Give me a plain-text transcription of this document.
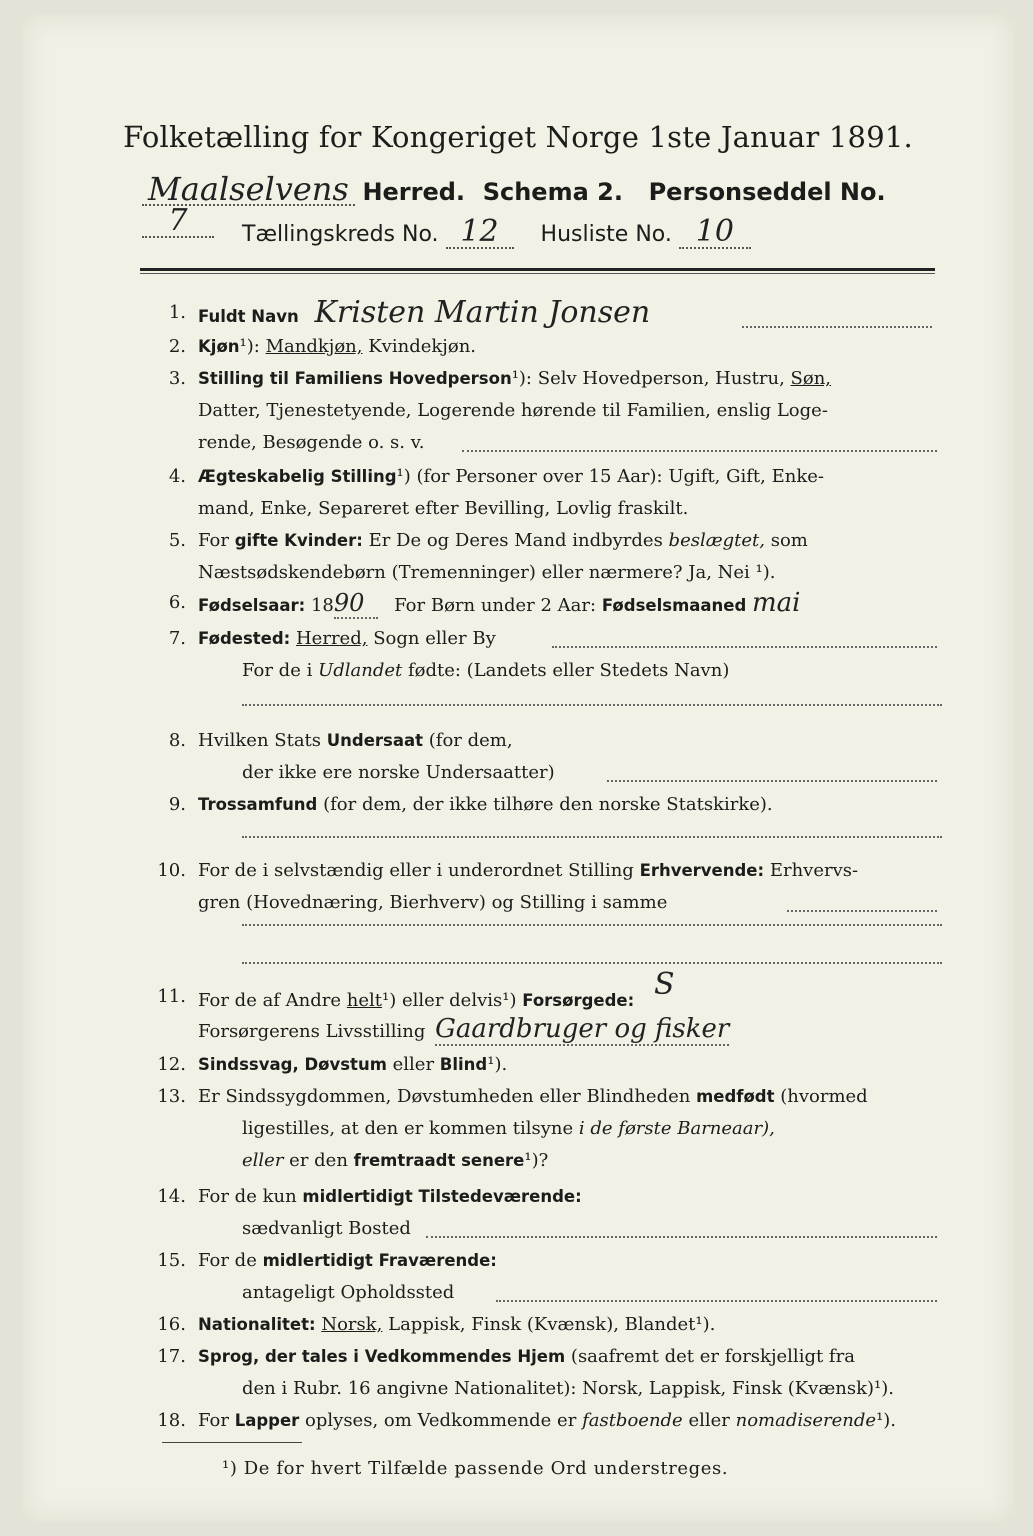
Folketælling for Kongeriget Norge 1ste Januar 1891.
Maalselvens Herred. Schema 2. Personseddel No. 7	Tællingskreds No. 12 Husliste No. 10
1. Fuldt Navn Kristen Martin Jonsen
2. Kjøn¹): Mandkjøn, Kvindekjøn.
3. Stilling til Familiens Hovedperson¹): Selv Hovedperson, Hustru, Søn,
Datter, Tjenestetyende, Logerende hørende til Familien, enslig Loge-
rende, Besøgende o. s. v.
4. Ægteskabelig Stilling¹) (for Personer over 15 Aar): Ugift, Gift, Enke-
mand, Enke, Separeret efter Bevilling, Lovlig fraskilt.
5. For gifte Kvinder: Er De og Deres Mand indbyrdes beslægtet, som
Næstsødskendebørn (Tremenninger) eller nærmere? Ja, Nei ¹).
6. Fødselsaar: 1890 For Børn under 2 Aar: Fødselsmaaned mai
7. Fødested: Herred, Sogn eller By
For de i Udlandet fødte: (Landets eller Stedets Navn)
8. Hvilken Stats Undersaat (for dem,
der ikke ere norske Undersaatter)
9. Trossamfund (for dem, der ikke tilhøre den norske Statskirke).
10. For de i selvstændig eller i underordnet Stilling Erhvervende: Erhvervs-
gren (Hovednæring, Bierhverv) og Stilling i samme
11. For de af Andre helt¹) eller delvis¹) Forsørgede: S
Forsørgerens Livsstilling Gaardbruger og fisker
12. Sindssvag, Døvstum eller Blind¹).
13. Er Sindssygdommen, Døvstumheden eller Blindheden medfødt (hvormed
ligestilles, at den er kommen tilsyne i de første Barneaar),
eller er den fremtraadt senere¹)?
14. For de kun midlertidigt Tilstedeværende:
sædvanligt Bosted
15. For de midlertidigt Fraværende:
antageligt Opholdssted
16. Nationalitet: Norsk, Lappisk, Finsk (Kvænsk), Blandet¹).
17. Sprog, der tales i Vedkommendes Hjem (saafremt det er forskjelligt fra
den i Rubr. 16 angivne Nationalitet): Norsk, Lappisk, Finsk (Kvænsk)¹).
18. For Lapper oplyses, om Vedkommende er fastboende eller nomadiserende¹).
¹) De for hvert Tilfælde passende Ord understreges.
